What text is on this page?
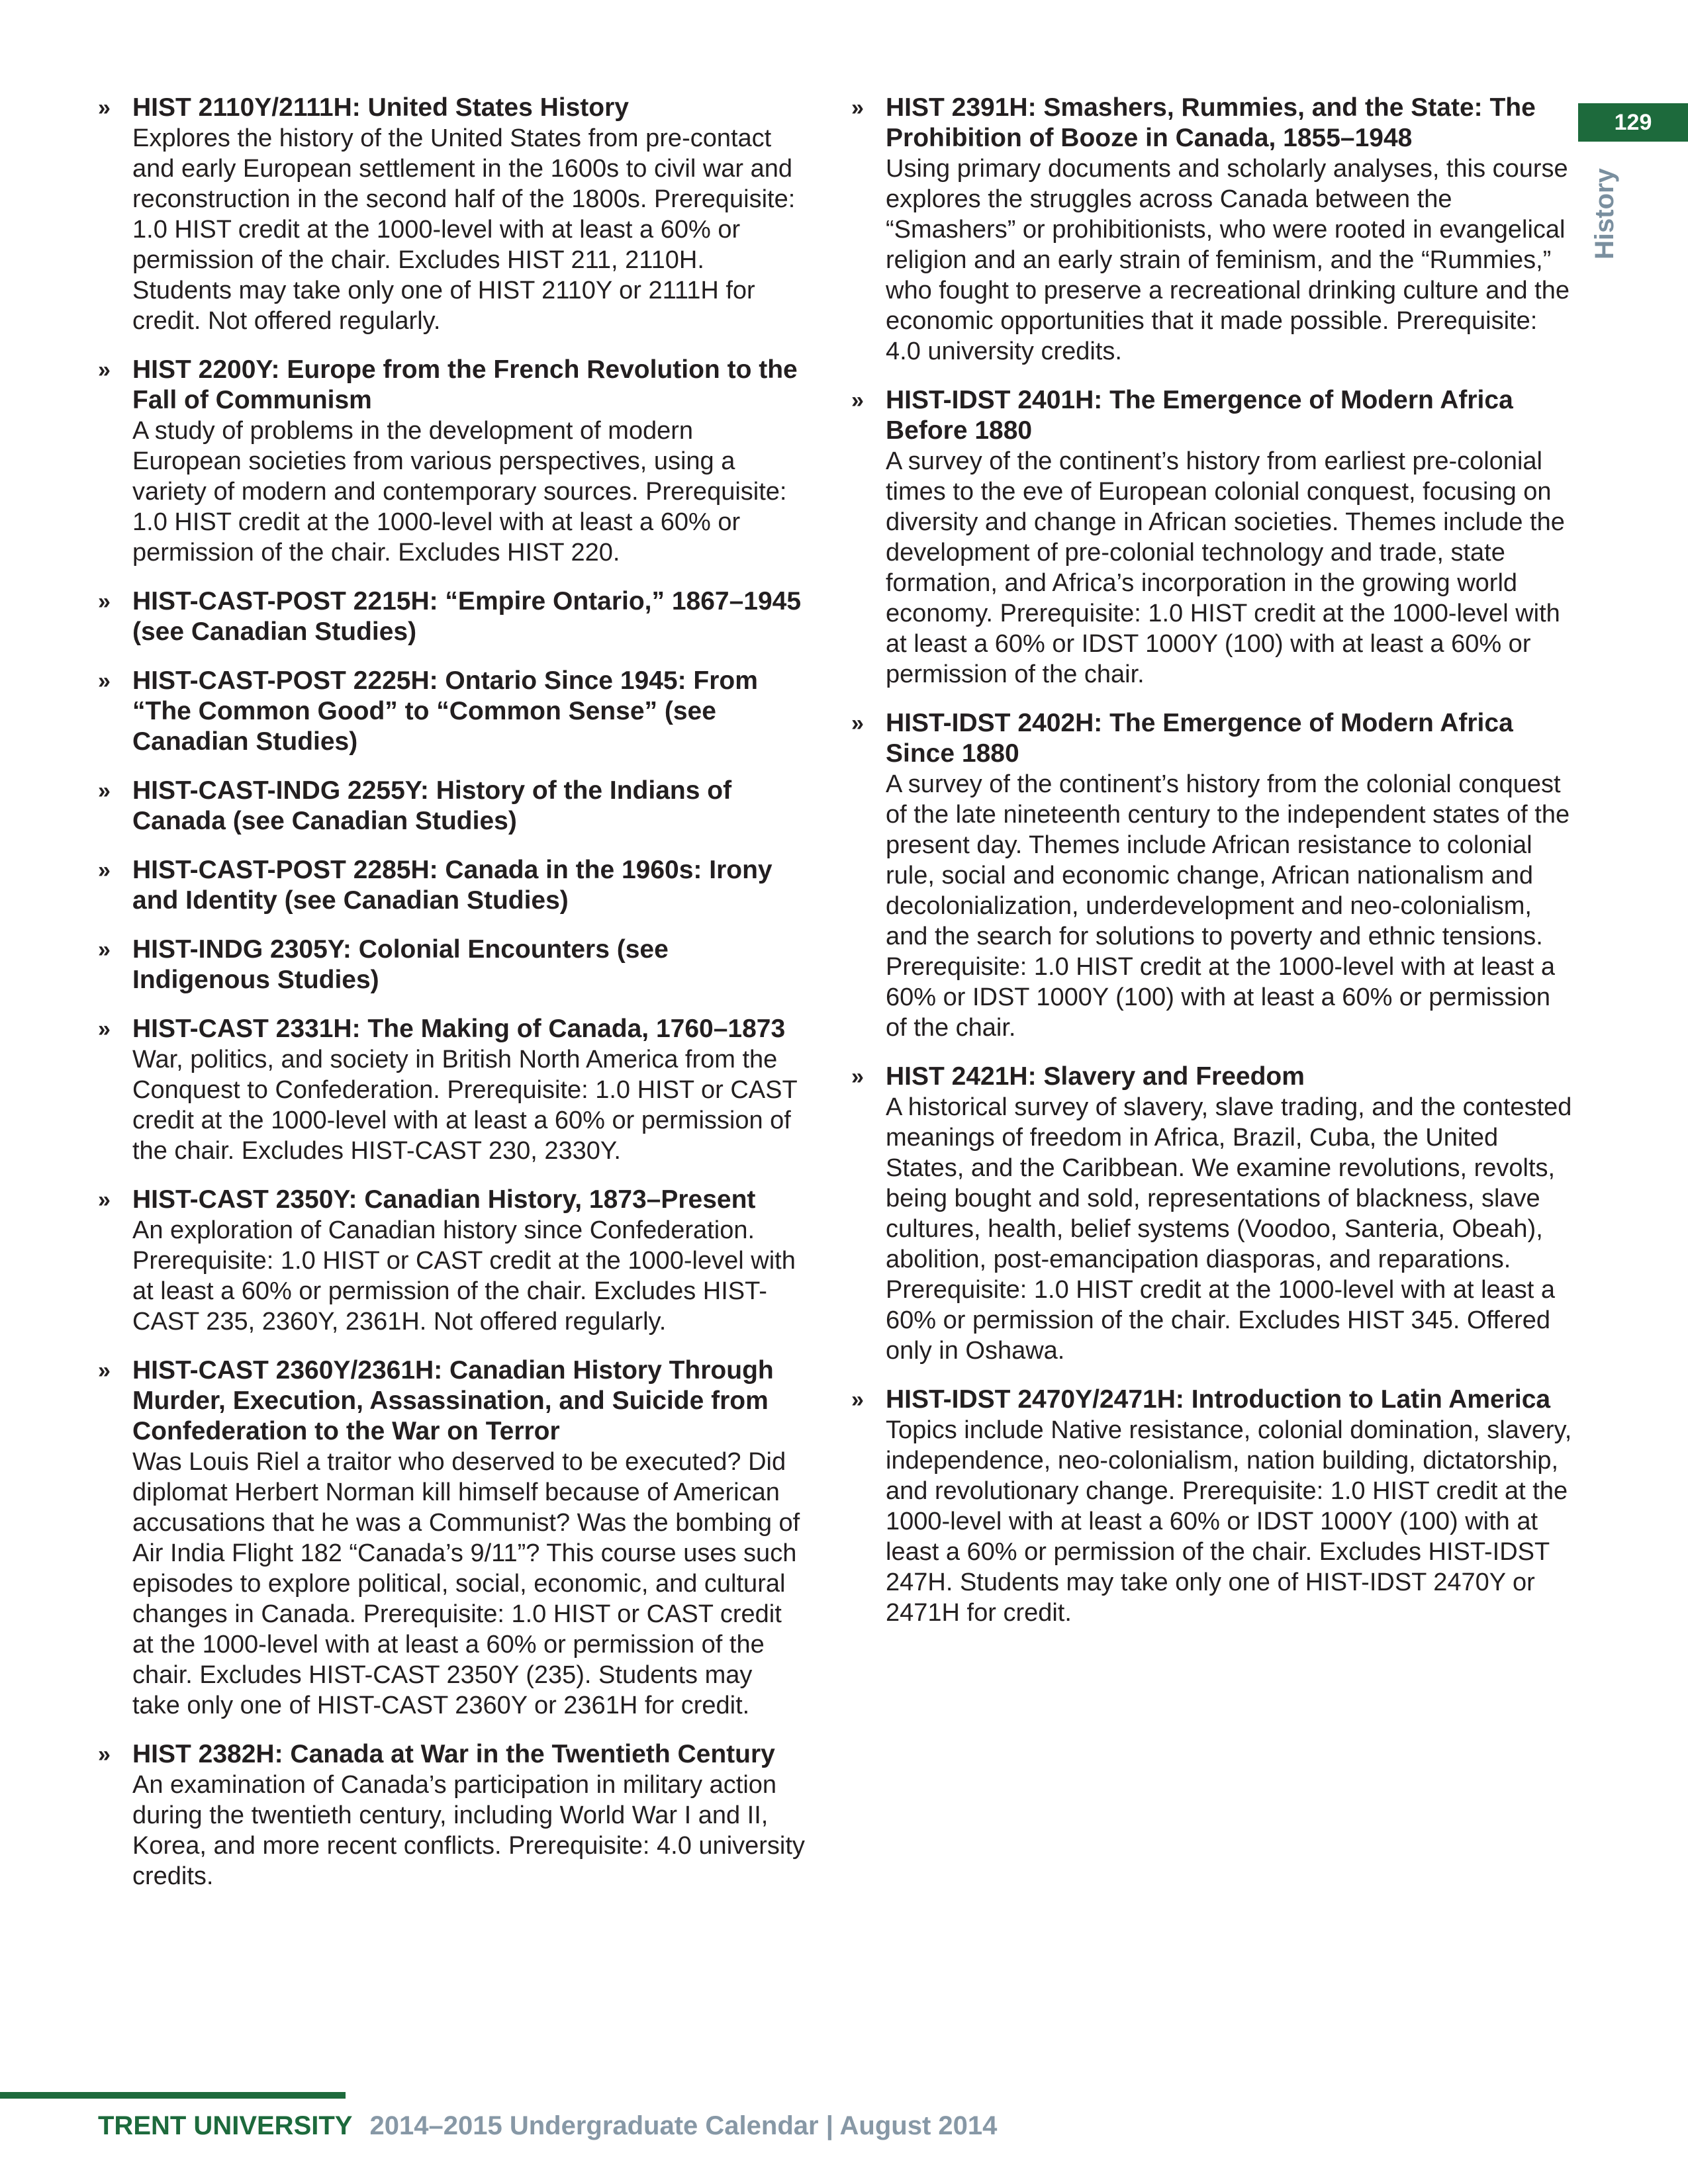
129
History
» HIST 2110Y/2111H: United States History
Explores the history of the United States from pre-contact and early European settlement in the 1600s to civil war and reconstruction in the second half of the 1800s. Prerequisite: 1.0 HIST credit at the 1000-level with at least a 60% or permission of the chair. Excludes HIST 211, 2110H. Students may take only one of HIST 2110Y or 2111H for credit. Not offered regularly.
» HIST 2200Y: Europe from the French Revolution to the Fall of Communism
A study of problems in the development of modern European societies from various perspectives, using a variety of modern and contemporary sources. Prerequisite: 1.0 HIST credit at the 1000-level with at least a 60% or permission of the chair. Excludes HIST 220.
» HIST-CAST-POST 2215H: “Empire Ontario,” 1867–1945 (see Canadian Studies)
» HIST-CAST-POST 2225H: Ontario Since 1945: From “The Common Good” to “Common Sense” (see Canadian Studies)
» HIST-CAST-INDG 2255Y: History of the Indians of Canada (see Canadian Studies)
» HIST-CAST-POST 2285H: Canada in the 1960s: Irony and Identity (see Canadian Studies)
» HIST-INDG 2305Y: Colonial Encounters (see Indigenous Studies)
» HIST-CAST 2331H: The Making of Canada, 1760–1873
War, politics, and society in British North America from the Conquest to Confederation. Prerequisite: 1.0 HIST or CAST credit at the 1000-level with at least a 60% or permission of the chair. Excludes HIST-CAST 230, 2330Y.
» HIST-CAST 2350Y: Canadian History, 1873–Present
An exploration of Canadian history since Confederation. Prerequisite: 1.0 HIST or CAST credit at the 1000-level with at least a 60% or permission of the chair. Excludes HIST-CAST 235, 2360Y, 2361H. Not offered regularly.
» HIST-CAST 2360Y/2361H: Canadian History Through Murder, Execution, Assassination, and Suicide from Confederation to the War on Terror
Was Louis Riel a traitor who deserved to be executed? Did diplomat Herbert Norman kill himself because of American accusations that he was a Communist? Was the bombing of Air India Flight 182 “Canada’s 9/11”? This course uses such episodes to explore political, social, economic, and cultural changes in Canada. Prerequisite: 1.0 HIST or CAST credit at the 1000-level with at least a 60% or permission of the chair. Excludes HIST-CAST 2350Y (235). Students may take only one of HIST-CAST 2360Y or 2361H for credit.
» HIST 2382H: Canada at War in the Twentieth Century
An examination of Canada’s participation in military action during the twentieth century, including World War I and II, Korea, and more recent conflicts. Prerequisite: 4.0 university credits.
» HIST 2391H: Smashers, Rummies, and the State: The Prohibition of Booze in Canada, 1855–1948
Using primary documents and scholarly analyses, this course explores the struggles across Canada between the “Smashers” or prohibitionists, who were rooted in evangelical religion and an early strain of feminism, and the “Rummies,” who fought to preserve a recreational drinking culture and the economic opportunities that it made possible. Prerequisite: 4.0 university credits.
» HIST-IDST 2401H: The Emergence of Modern Africa Before 1880
A survey of the continent’s history from earliest pre-colonial times to the eve of European colonial conquest, focusing on diversity and change in African societies. Themes include the development of pre-colonial technology and trade, state formation, and Africa’s incorporation in the growing world economy. Prerequisite: 1.0 HIST credit at the 1000-level with at least a 60% or IDST 1000Y (100) with at least a 60% or permission of the chair.
» HIST-IDST 2402H: The Emergence of Modern Africa Since 1880
A survey of the continent’s history from the colonial conquest of the late nineteenth century to the independent states of the present day. Themes include African resistance to colonial rule, social and economic change, African nationalism and decolonialization, underdevelopment and neo-colonialism, and the search for solutions to poverty and ethnic tensions. Prerequisite: 1.0 HIST credit at the 1000-level with at least a 60% or IDST 1000Y (100) with at least a 60% or permission of the chair.
» HIST 2421H: Slavery and Freedom
A historical survey of slavery, slave trading, and the contested meanings of freedom in Africa, Brazil, Cuba, the United States, and the Caribbean. We examine revolutions, revolts, being bought and sold, representations of blackness, slave cultures, health, belief systems (Voodoo, Santeria, Obeah), abolition, post-emancipation diasporas, and reparations. Prerequisite: 1.0 HIST credit at the 1000-level with at least a 60% or permission of the chair. Excludes HIST 345. Offered only in Oshawa.
» HIST-IDST 2470Y/2471H: Introduction to Latin America
Topics include Native resistance, colonial domination, slavery, independence, neo-colonialism, nation building, dictatorship, and revolutionary change. Prerequisite: 1.0 HIST credit at the 1000-level with at least a 60% or IDST 1000Y (100) with at least a 60% or permission of the chair. Excludes HIST-IDST 247H. Students may take only one of HIST-IDST 2470Y or 2471H for credit.
TRENT UNIVERSITY 2014–2015 Undergraduate Calendar | August 2014
